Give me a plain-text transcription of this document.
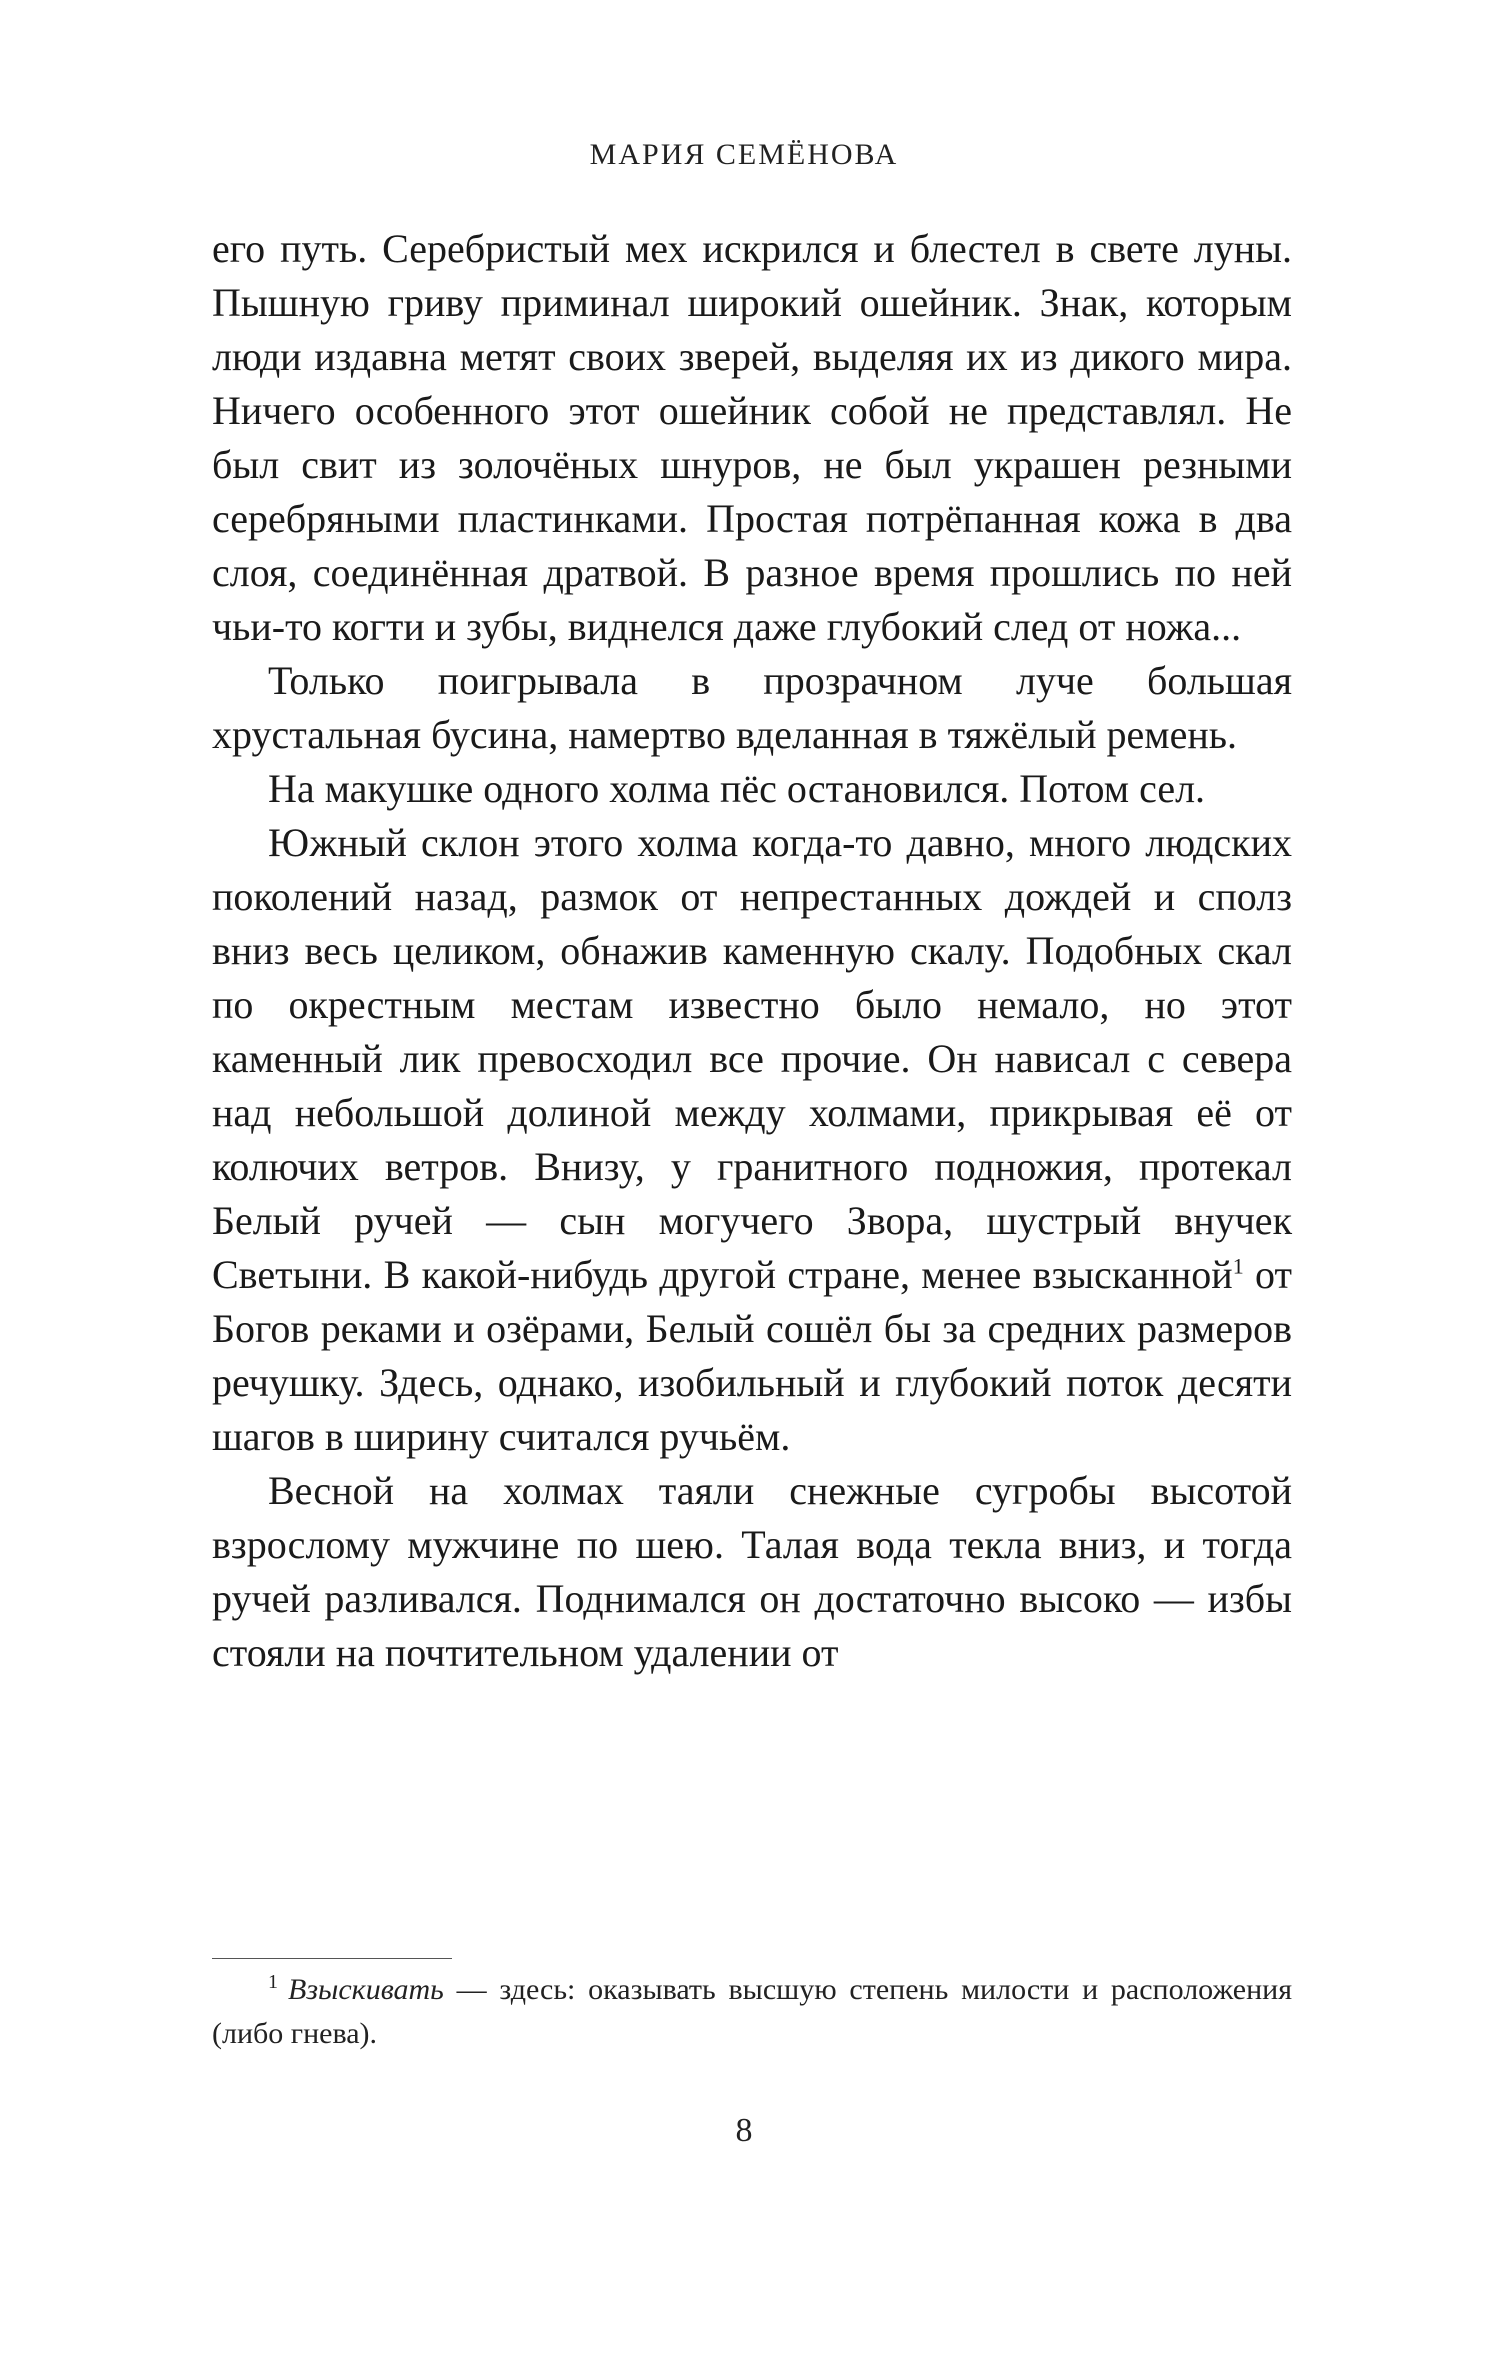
МАРИЯ СЕМЁНОВА

его путь. Серебристый мех искрился и блестел в свете луны. Пышную гриву приминал широкий ошейник. Знак, которым люди издавна метят своих зверей, выделяя их из дикого мира. Ничего особенного этот ошейник собой не представлял. Не был свит из золочёных шнуров, не был украшен резными серебряными пластинками. Простая потрёпанная кожа в два слоя, соединённая дратвой. В разное время прошлись по ней чьи-то когти и зубы, виднелся даже глубокий след от ножа...

Только поигрывала в прозрачном луче большая хрустальная бусина, намертво вделанная в тяжёлый ремень.

На макушке одного холма пёс остановился. Потом сел.

Южный склон этого холма когда-то давно, много людских поколений назад, размок от непрестанных дождей и сполз вниз весь целиком, обнажив каменную скалу. Подобных скал по окрестным местам известно было немало, но этот каменный лик превосходил все прочие. Он нависал с севера над небольшой долиной между холмами, прикрывая её от колючих ветров. Внизу, у гранитного подножия, протекал Белый ручей — сын могучего Звора, шустрый внучек Светыни. В какой-нибудь другой стране, менее взысканной$^1$ от Богов реками и озёрами, Белый сошёл бы за средних размеров речушку. Здесь, однако, изобильный и глубокий поток десяти шагов в ширину считался ручьём.

Весной на холмах таяли снежные сугробы высотой взрослому мужчине по шею. Талая вода текла вниз, и тогда ручей разливался. Поднимался он достаточно высоко — избы стояли на почтительном удалении от

$^1$ Взыскивать — здесь: оказывать высшую степень милости и расположения (либо гнева).
8
